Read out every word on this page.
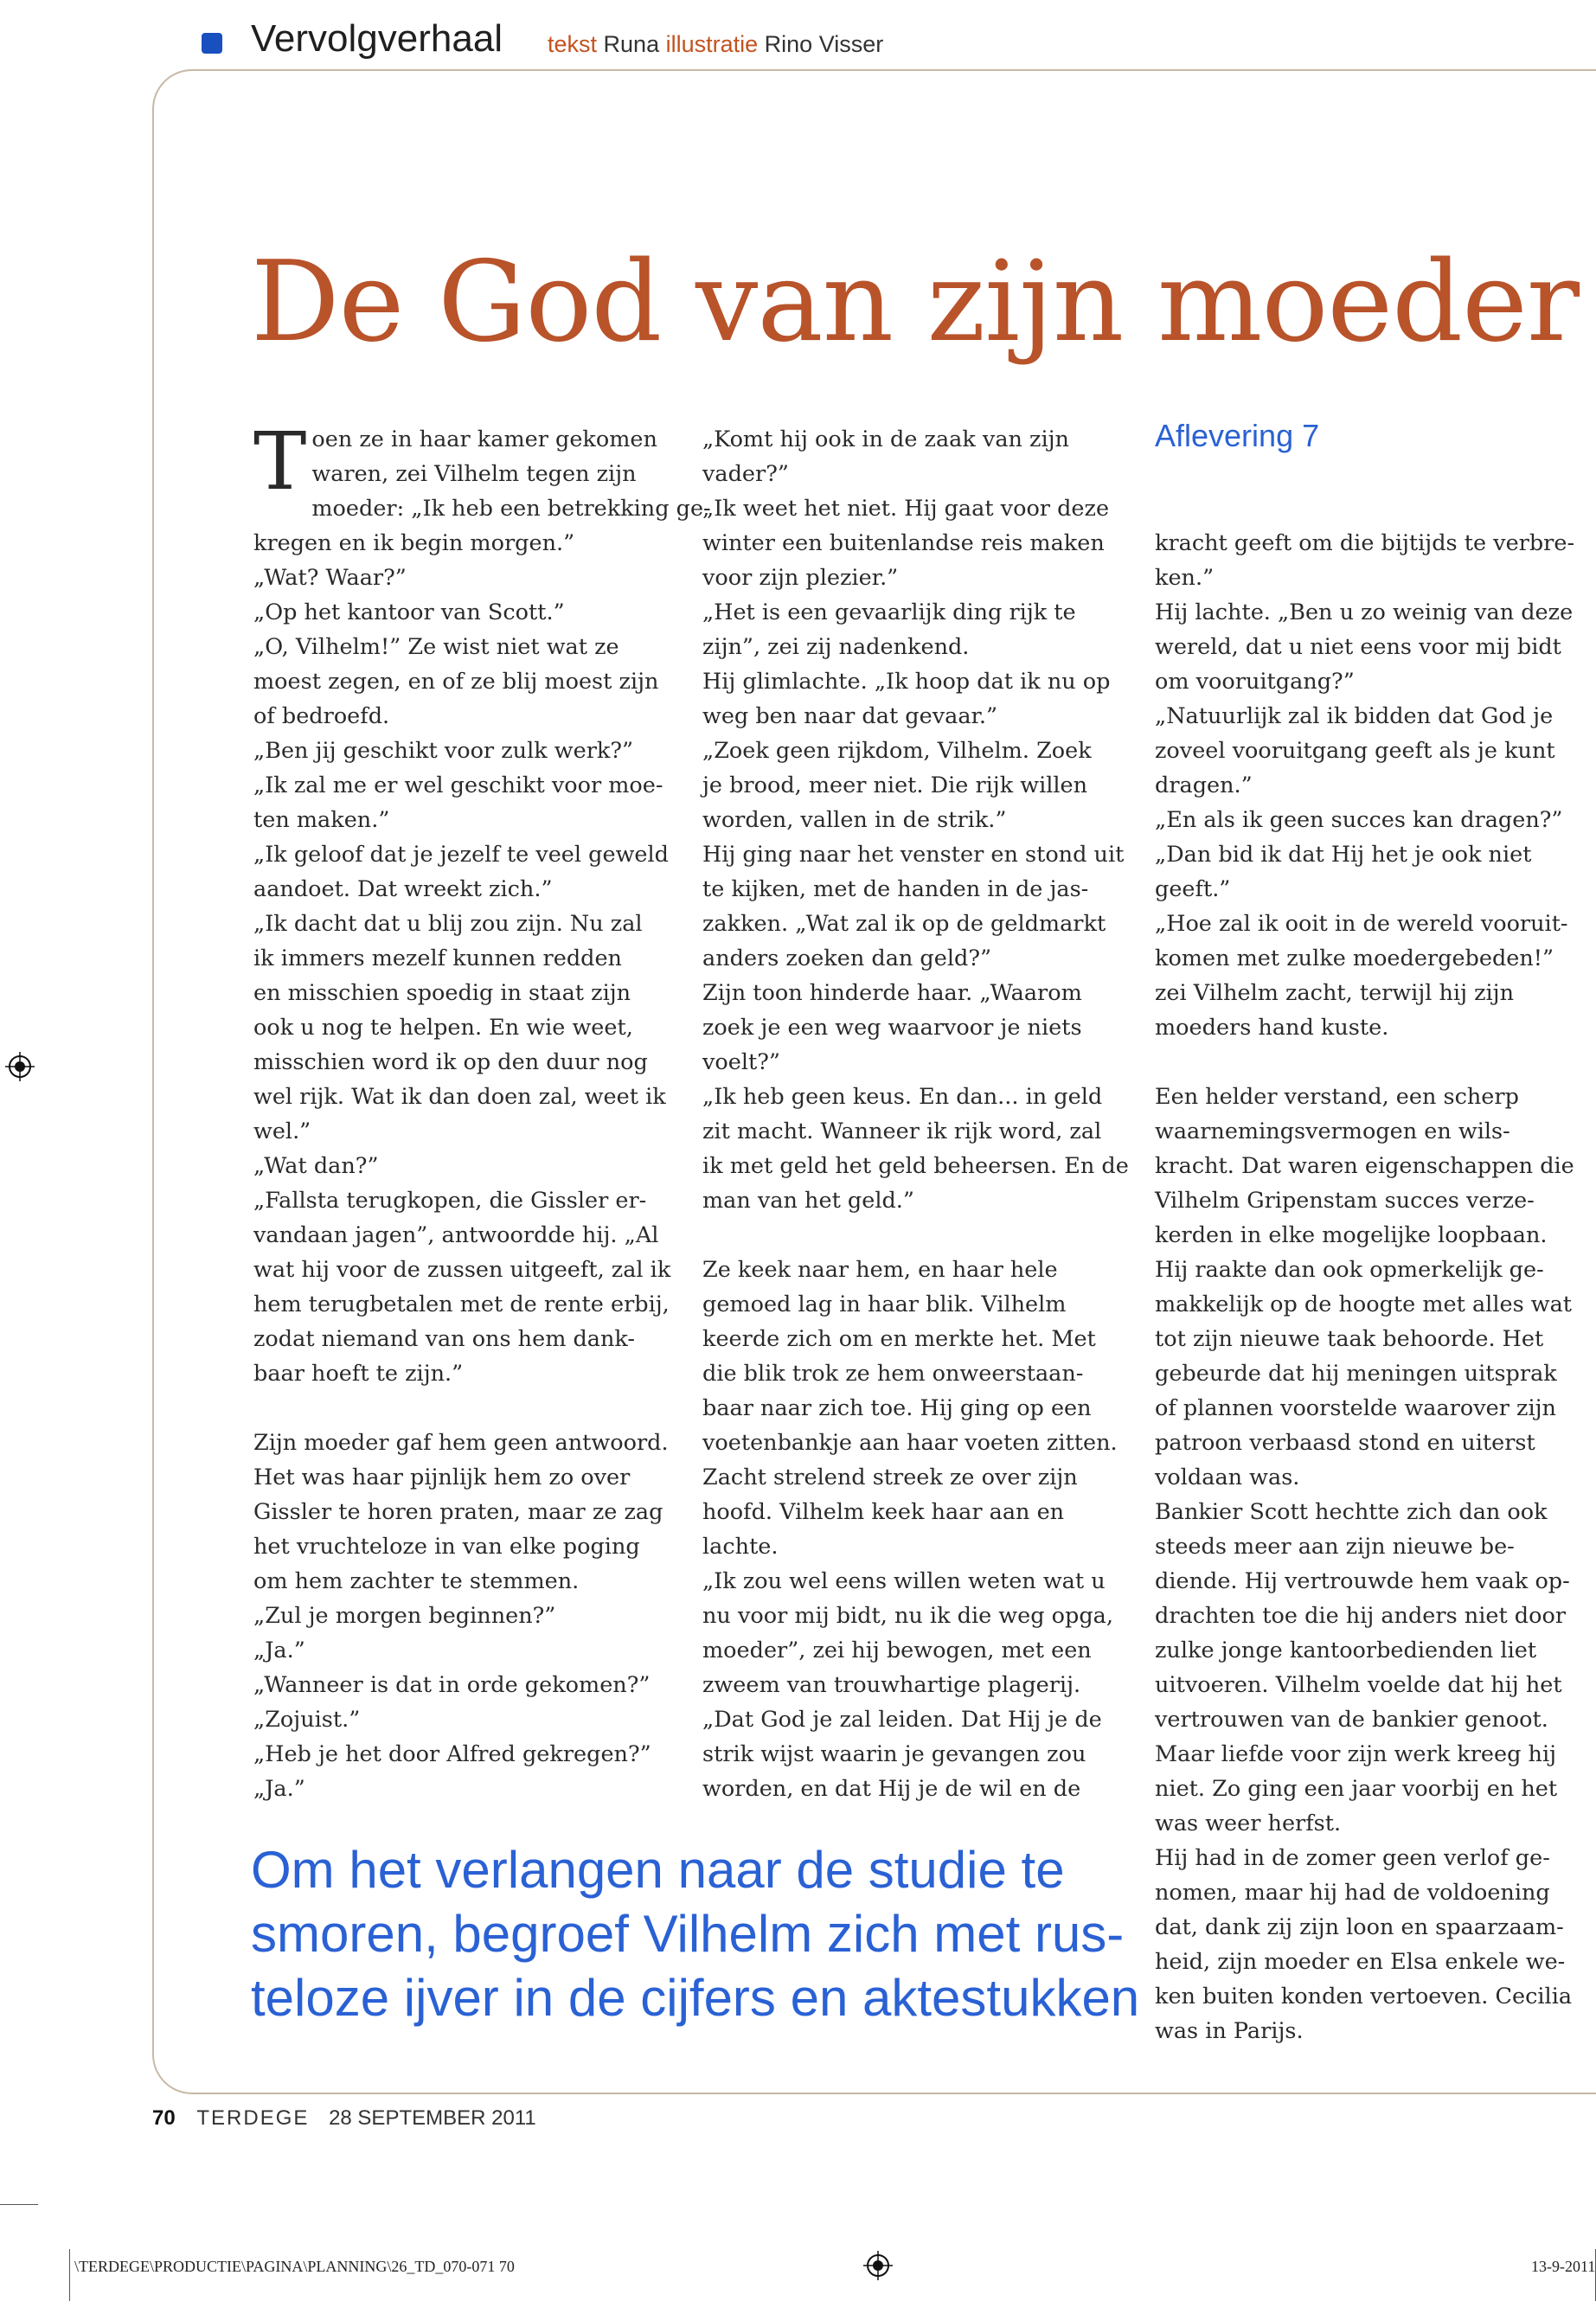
Vervolgverhaal tekst Runa illustratie Rino Visser
De God van zijn moeder
Aflevering 7
T oen ze in haar kamer gekomen

waren, zei Vilhelm tegen zijn

moeder: „Ik heb een betrekking ge-

kregen en ik begin morgen.”

„Wat? Waar?”

„Op het kantoor van Scott.”

„O, Vilhelm!” Ze wist niet wat ze

moest zegen, en of ze blij moest zijn

of bedroefd.

„Ben jij geschikt voor zulk werk?”

„Ik zal me er wel geschikt voor moe-

ten maken.”

„Ik geloof dat je jezelf te veel geweld

aandoet. Dat wreekt zich.”

„Ik dacht dat u blij zou zijn. Nu zal

ik immers mezelf kunnen redden

en misschien spoedig in staat zijn

ook u nog te helpen. En wie weet,

misschien word ik op den duur nog

wel rijk. Wat ik dan doen zal, weet ik

wel.”

„Wat dan?”

„Fallsta terugkopen, die Gissler er-

vandaan jagen”, antwoordde hij. „Al

wat hij voor de zussen uitgeeft, zal ik

hem terugbetalen met de rente erbij,

zodat niemand van ons hem dank-

baar hoeft te zijn.”

Zijn moeder gaf hem geen antwoord.

Het was haar pijnlijk hem zo over

Gissler te horen praten, maar ze zag

het vruchteloze in van elke poging

om hem zachter te stemmen.

„Zul je morgen beginnen?”

„Ja.”

„Wanneer is dat in orde gekomen?”

„Zojuist.”

„Heb je het door Alfred gekregen?”

„Ja.”

„Komt hij ook in de zaak van zijn

vader?”

„Ik weet het niet. Hij gaat voor deze

winter een buitenlandse reis maken

voor zijn plezier.”

„Het is een gevaarlijk ding rijk te

zijn”, zei zij nadenkend.

Hij glimlachte. „Ik hoop dat ik nu op

weg ben naar dat gevaar.”

„Zoek geen rijkdom, Vilhelm. Zoek

je brood, meer niet. Die rijk willen

worden, vallen in de strik.”

Hij ging naar het venster en stond uit

te kijken, met de handen in de jas-

zakken. „Wat zal ik op de geldmarkt

anders zoeken dan geld?”

Zijn toon hinderde haar. „Waarom

zoek je een weg waarvoor je niets

voelt?”

„Ik heb geen keus. En dan... in geld

zit macht. Wanneer ik rijk word, zal

ik met geld het geld beheersen. En de

man van het geld.”

Ze keek naar hem, en haar hele

gemoed lag in haar blik. Vilhelm

keerde zich om en merkte het. Met

die blik trok ze hem onweerstaan-

baar naar zich toe. Hij ging op een

voetenbankje aan haar voeten zitten.

Zacht strelend streek ze over zijn

hoofd. Vilhelm keek haar aan en

lachte.

„Ik zou wel eens willen weten wat u

nu voor mij bidt, nu ik die weg opga,

moeder”, zei hij bewogen, met een

zweem van trouwhartige plagerij.

„Dat God je zal leiden. Dat Hij je de

strik wijst waarin je gevangen zou

worden, en dat Hij je de wil en de

kracht geeft om die bijtijds te verbre-

ken.”

Hij lachte. „Ben u zo weinig van deze

wereld, dat u niet eens voor mij bidt

om vooruitgang?”

„Natuurlijk zal ik bidden dat God je

zoveel vooruitgang geeft als je kunt

dragen.”

„En als ik geen succes kan dragen?”

„Dan bid ik dat Hij het je ook niet

geeft.”

„Hoe zal ik ooit in de wereld vooruit-

komen met zulke moedergebeden!”

zei Vilhelm zacht, terwijl hij zijn

moeders hand kuste.

Een helder verstand, een scherp

waarnemingsvermogen en wils-

kracht. Dat waren eigenschappen die

Vilhelm Gripenstam succes verze-

kerden in elke mogelijke loopbaan.

Hij raakte dan ook opmerkelijk ge-

makkelijk op de hoogte met alles wat

tot zijn nieuwe taak behoorde. Het

gebeurde dat hij meningen uitsprak

of plannen voorstelde waarover zijn

patroon verbaasd stond en uiterst

voldaan was.

Bankier Scott hechtte zich dan ook

steeds meer aan zijn nieuwe be-

diende. Hij vertrouwde hem vaak op-

drachten toe die hij anders niet door

zulke jonge kantoorbedienden liet

uitvoeren. Vilhelm voelde dat hij het

vertrouwen van de bankier genoot.

Maar liefde voor zijn werk kreeg hij

niet. Zo ging een jaar voorbij en het

was weer herfst.

Hij had in de zomer geen verlof ge-

nomen, maar hij had de voldoening

dat, dank zij zijn loon en spaarzaam-

heid, zijn moeder en Elsa enkele we-

ken buiten konden vertoeven. Cecilia

was in Parijs.

Om het verlangen naar de studie te

smoren, begroef Vilhelm zich met rus-

teloze ijver in de cijfers en aktestukken

70 TERDEGE 28 SEPTEMBER 2011
\TERDEGE\PRODUCTIE\PAGINA\PLANNING\26_TD_070-071 70	13-9-2011
